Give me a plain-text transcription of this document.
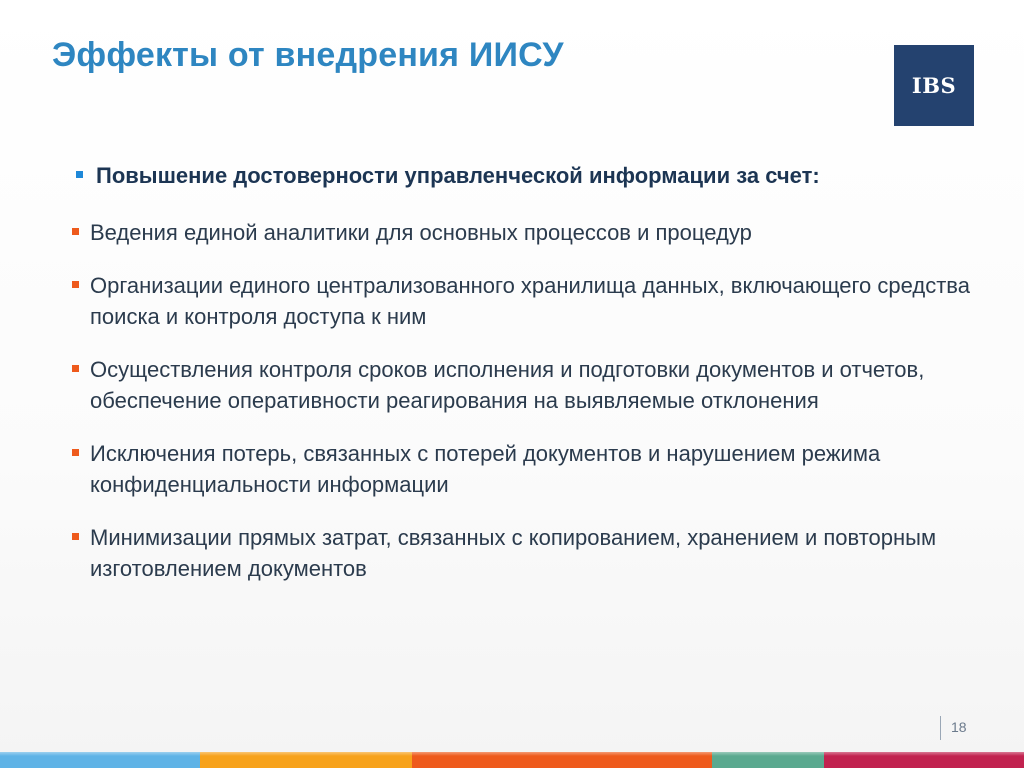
Эффекты от внедрения ИИСУ
IBS
Повышение достоверности управленческой информации за счет:
Ведения единой аналитики для основных процессов и процедур
Организации единого централизованного хранилища данных, включающего средства поиска и контроля доступа к ним
Осуществления контроля сроков исполнения и подготовки документов и отчетов, обеспечение оперативности реагирования на выявляемые отклонения
Исключения потерь, связанных с потерей документов и нарушением режима конфиденциальности информации
Минимизации прямых затрат, связанных с копированием, хранением и повторным изготовлением документов
18
